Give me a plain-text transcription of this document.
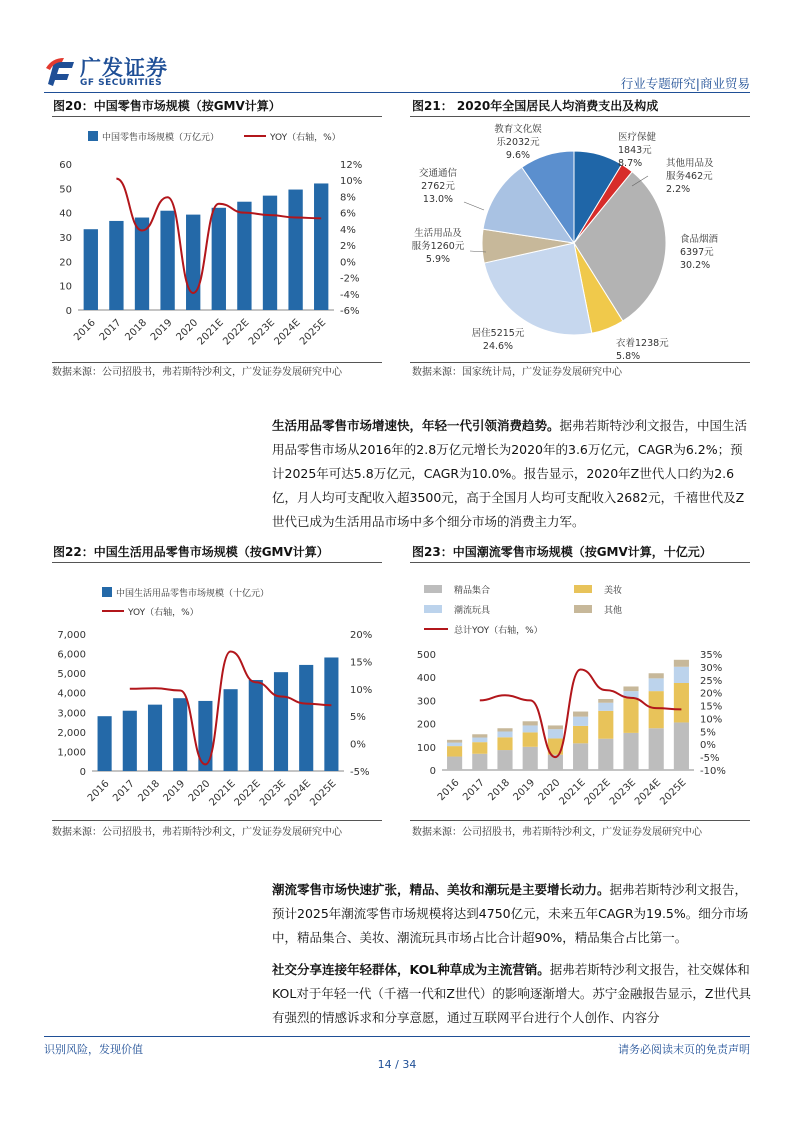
广发证券
GF SECURITIES	行业专题研究|商业贸易
图20：中国零售市场规模（按GMV计算）
0
10
20
30
40
50
60
-6%
-4%
-2%
0%
2%
4%
6%
8%
10%
12%
2016 2017 2018 2019 2020
2021E
2022E
2023E
2024E
2025E
中国零售市场规模（万亿元）	YOY（右轴，%）
数据来源：公司招股书，弗若斯特沙利文，广发证券发展研究中心
图21： 2020年全国居民人均消费支出及构成
医疗保健
1843元
8.7%	其他用品及
服务462元
2.2%
食品烟酒
6397元
30.2%
衣着1238元
5.8%
居住5215元
24.6%
生活用品及
服务1260元
5.9%
交通通信
2762元
13.0%
教育文化娱
乐2032元
9.6%
数据来源：国家统计局，广发证券发展研究中心
生活用品零售市场增速快，年轻一代引领消费趋势。据弗若斯特沙利文报告，中国生活用品零售市场从2016年的2.8万亿元增长为2020年的3.6万亿元，CAGR为6.2%；预计2025年可达5.8万亿元，CAGR为10.0%。报告显示，2020年Z世代人口约为2.6亿，月人均可支配收入超3500元，高于全国月人均可支配收入2682元，千禧世代及Z世代已成为生活用品市场中多个细分市场的消费主力军。
图22：中国生活用品零售市场规模（按GMV计算）
0
1,000
2,000
3,000
4,000
5,000
6,000
7,000
-5%
0%
5%
10%
15%
20%
2016 2017 2018 2019 2020
2021E
2022E
2023E
2024E
2025E
中国生活用品零售市场规模（十亿元）
YOY（右轴，%）
数据来源：公司招股书，弗若斯特沙利文，广发证券发展研究中心
图23：中国潮流零售市场规模（按GMV计算，十亿元）
0
100
200
300
400
500
-10%
-5%
0%
5%
10%
15%
20%
25%
30%
35%
2016 2017 2018 2019 2020
2021E
2022E
2023E
2024E
2025E
精品集合	美妆
潮流玩具	其他
总计YOY（右轴，%）
数据来源：公司招股书，弗若斯特沙利文，广发证券发展研究中心
潮流零售市场快速扩张，精品、美妆和潮玩是主要增长动力。据弗若斯特沙利文报告，预计2025年潮流零售市场规模将达到4750亿元，未来五年CAGR为19.5%。细分市场中，精品集合、美妆、潮流玩具市场占比合计超90%，精品集合占比第一。
社交分享连接年轻群体，KOL种草成为主流营销。据弗若斯特沙利文报告，社交媒体和KOL对于年轻一代（千禧一代和Z世代）的影响逐渐增大。苏宁金融报告显示，Z世代具有强烈的情感诉求和分享意愿，通过互联网平台进行个人创作、内容分
识别风险，发现价值	请务必阅读末页的免责声明
14 / 34
